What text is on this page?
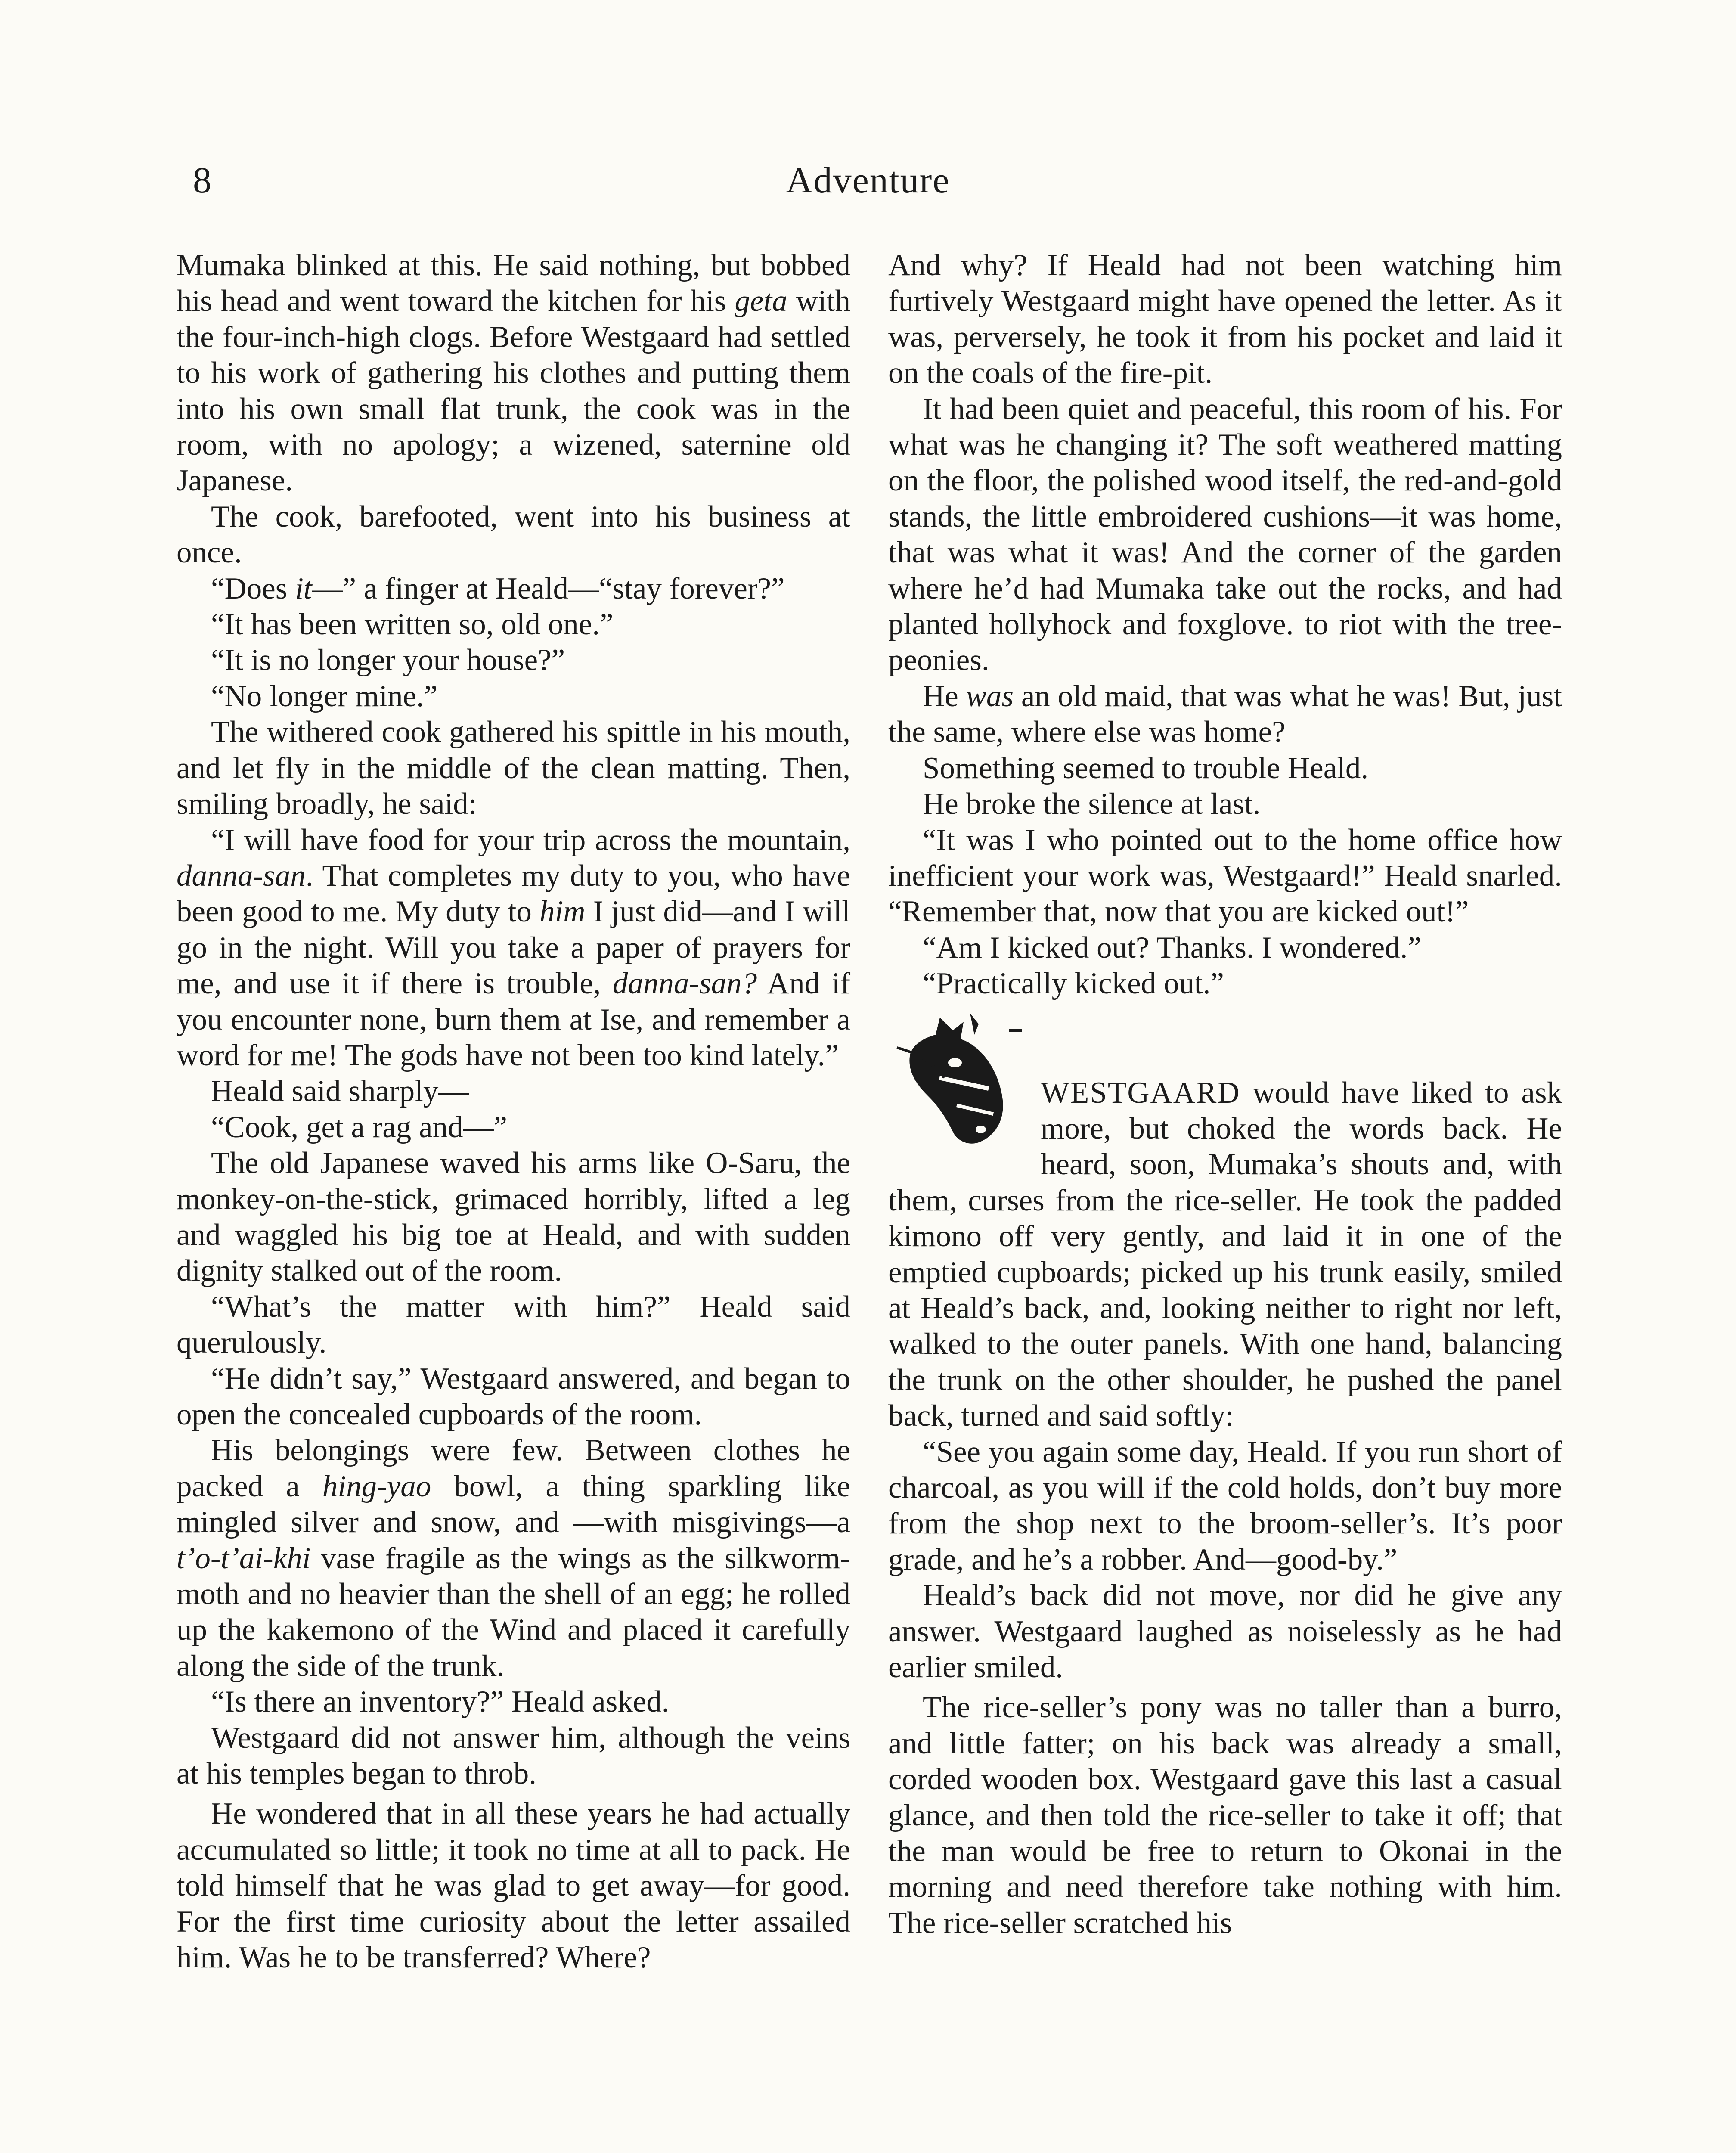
8	Adventure

Mumaka blinked at this. He said nothing, but bobbed his head and went toward the kitchen for his geta with the four-inch-high clogs. Before Westgaard had settled to his work of gathering his clothes and putting them into his own small flat trunk, the cook was in the room, with no apology; a wizened, saternine old Japanese.

The cook, barefooted, went into his business at once.

“Does it—” a finger at Heald—“stay forever?”

“It has been written so, old one.”

“It is no longer your house?”

“No longer mine.”

The withered cook gathered his spittle in his mouth, and let fly in the middle of the clean matting. Then, smiling broadly, he said:

“I will have food for your trip across the mountain, danna-san. That completes my duty to you, who have been good to me. My duty to him I just did—and I will go in the night. Will you take a paper of prayers for me, and use it if there is trouble, danna-san? And if you encounter none, burn them at Ise, and remember a word for me! The gods have not been too kind lately.”

Heald said sharply—

“Cook, get a rag and—”

The old Japanese waved his arms like O-Saru, the monkey-on-the-stick, grimaced horribly, lifted a leg and waggled his big toe at Heald, and with sudden dignity stalked out of the room.

“What’s the matter with him?” Heald said querulously.

“He didn’t say,” Westgaard answered, and began to open the concealed cupboards of the room.

His belongings were few. Between clothes he packed a hing-yao bowl, a thing sparkling like mingled silver and snow, and —with misgivings—a t’o-t’ai-khi vase fragile as the wings as the silkworm-moth and no heavier than the shell of an egg; he rolled up the kakemono of the Wind and placed it carefully along the side of the trunk.

“Is there an inventory?” Heald asked.

Westgaard did not answer him, although the veins at his temples began to throb.

He wondered that in all these years he had actually accumulated so little; it took no time at all to pack. He told himself that he was glad to get away—for good. For the first time curiosity about the letter assailed him. Was he to be transferred? Where?

And why? If Heald had not been watching him furtively Westgaard might have opened the letter. As it was, perversely, he took it from his pocket and laid it on the coals of the fire-pit.

It had been quiet and peaceful, this room of his. For what was he changing it? The soft weathered matting on the floor, the polished wood itself, the red-and-gold stands, the little embroidered cushions—it was home, that was what it was! And the corner of the garden where he’d had Mumaka take out the rocks, and had planted hollyhock and foxglove. to riot with the tree-peonies.

He was an old maid, that was what he was! But, just the same, where else was home?

Something seemed to trouble Heald.

He broke the silence at last.

“It was I who pointed out to the home office how inefficient your work was, Westgaard!” Heald snarled. “Remember that, now that you are kicked out!”

“Am I kicked out? Thanks. I wondered.”

“Practically kicked out.”

WESTGAARD would have liked to ask more, but choked the words back. He heard, soon, Mumaka’s shouts and, with them, curses from the rice-seller. He took the padded kimono off very gently, and laid it in one of the emptied cupboards; picked up his trunk easily, smiled at Heald’s back, and, looking neither to right nor left, walked to the outer panels. With one hand, balancing the trunk on the other shoulder, he pushed the panel back, turned and said softly:

“See you again some day, Heald. If you run short of charcoal, as you will if the cold holds, don’t buy more from the shop next to the broom-seller’s. It’s poor grade, and he’s a robber. And—good-by.”

Heald’s back did not move, nor did he give any answer. Westgaard laughed as noiselessly as he had earlier smiled.

The rice-seller’s pony was no taller than a burro, and little fatter; on his back was already a small, corded wooden box. Westgaard gave this last a casual glance, and then told the rice-seller to take it off; that the man would be free to return to Okonai in the morning and need therefore take nothing with him. The rice-seller scratched his
